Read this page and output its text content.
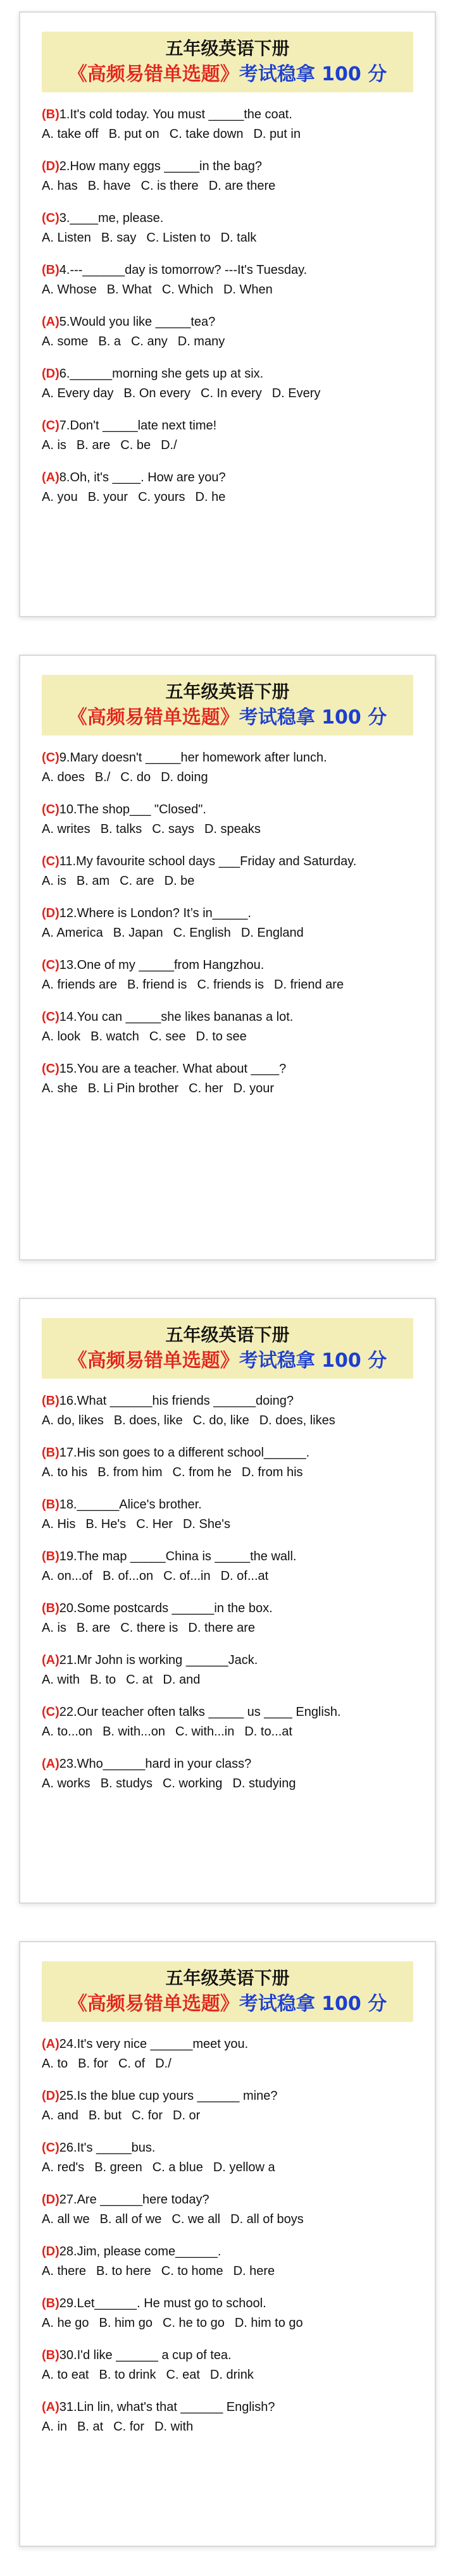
五年级英语下册
《高频易错单选题》考试稳拿 100 分
(B)1.It's cold today. You must _____the coat.
A. take off B. put on C. take down D. put in
(D)2.How many eggs _____in the bag?
A. has B. have C. is there D. are there
(C)3.____me, please.
A. Listen B. say C. Listen to D. talk
(B)4.---______day is tomorrow? ---It's Tuesday.
A. Whose B. What C. Which D. When
(A)5.Would you like _____tea?
A. some B. a C. any D. many
(D)6.______morning she gets up at six.
A. Every day B. On every C. In every D. Every
(C)7.Don't _____late next time!
A. is B. are C. be D./
(A)8.Oh, it's ____. How are you?
A. you B. your C. yours D. he
五年级英语下册
《高频易错单选题》考试稳拿 100 分
(C)9.Mary doesn't _____her homework after lunch.
A. does B./ C. do D. doing
(C)10.The shop___ "Closed".
A. writes B. talks C. says D. speaks
(C)11.My favourite school days ___Friday and Saturday.
A. is B. am C. are D. be
(D)12.Where is London? It’s in_____.
A. America B. Japan C. English D. England
(C)13.One of my _____from Hangzhou.
A. friends are B. friend is C. friends is D. friend are
(C)14.You can _____she likes bananas a lot.
A. look B. watch C. see D. to see
(C)15.You are a teacher. What about ____?
A. she B. Li Pin brother C. her D. your
五年级英语下册
《高频易错单选题》考试稳拿 100 分
(B)16.What ______his friends ______doing?
A. do, likes B. does, like C. do, like D. does, likes
(B)17.His son goes to a different school______.
A. to his B. from him C. from he D. from his
(B)18.______Alice's brother.
A. His B. He's C. Her D. She's
(B)19.The map _____China is _____the wall.
A. on...of B. of...on C. of...in D. of...at
(B)20.Some postcards ______in the box.
A. is B. are C. there is D. there are
(A)21.Mr John is working ______Jack.
A. with B. to C. at D. and
(C)22.Our teacher often talks _____ us ____ English.
A. to...on B. with...on C. with...in D. to...at
(A)23.Who______hard in your class?
A. works B. studys C. working D. studying
五年级英语下册
《高频易错单选题》考试稳拿 100 分
(A)24.It's very nice ______meet you.
A. to B. for C. of D./
(D)25.Is the blue cup yours ______ mine?
A. and B. but C. for D. or
(C)26.It's _____bus.
A. red's B. green C. a blue D. yellow a
(D)27.Are ______here today?
A. all we B. all of we C. we all D. all of boys
(D)28.Jim, please come______.
A. there B. to here C. to home D. here
(B)29.Let______. He must go to school.
A. he go B. him go C. he to go D. him to go
(B)30.I'd like ______ a cup of tea.
A. to eat B. to drink C. eat D. drink
(A)31.Lin lin, what's that ______ English?
A. in B. at C. for D. with
